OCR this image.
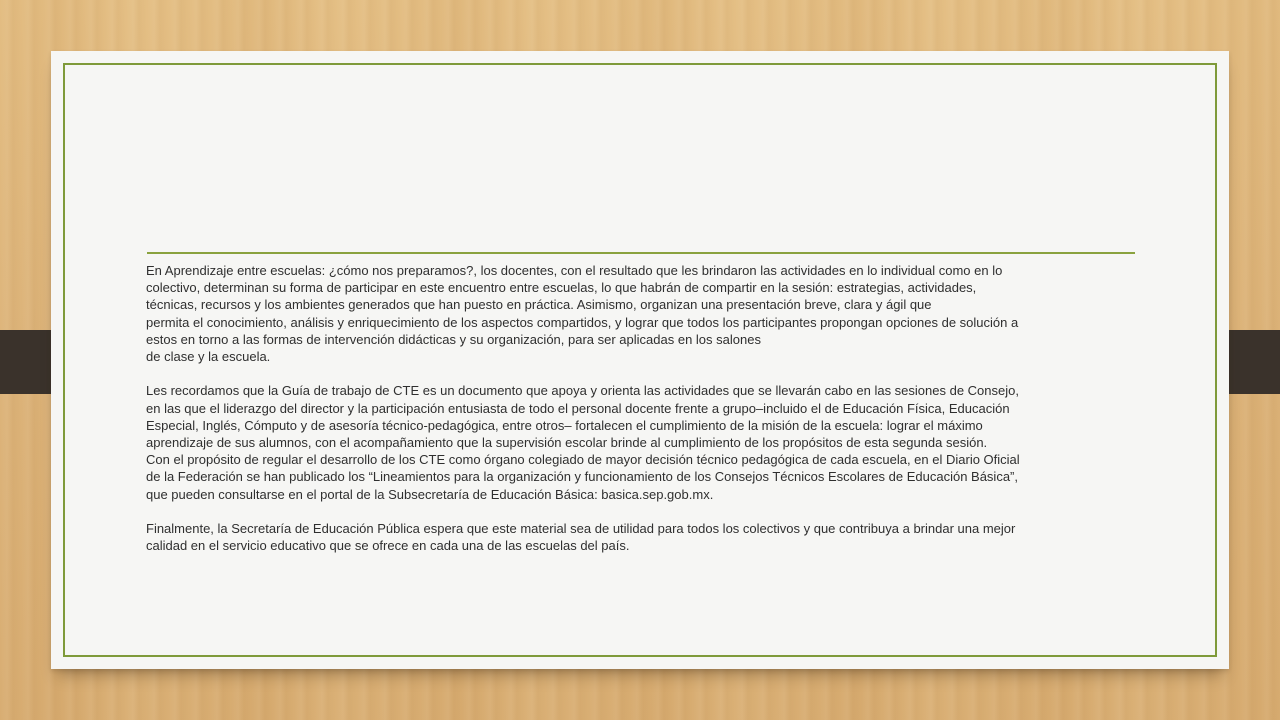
En Aprendizaje entre escuelas: ¿cómo nos preparamos?, los docentes, con el resultado que les brindaron las actividades en lo individual como en lo
colectivo, determinan su forma de participar en este encuentro entre escuelas, lo que habrán de compartir en la sesión: estrategias, actividades,
técnicas, recursos y los ambientes generados que han puesto en práctica. Asimismo, organizan una presentación breve, clara y ágil que
permita el conocimiento, análisis y enriquecimiento de los aspectos compartidos, y lograr que todos los participantes propongan opciones de solución a
estos en torno a las formas de intervención didácticas y su organización, para ser aplicadas en los salones
de clase y la escuela.
Les recordamos que la Guía de trabajo de CTE es un documento que apoya y orienta las actividades que se llevarán cabo en las sesiones de Consejo,
en las que el liderazgo del director y la participación entusiasta de todo el personal docente frente a grupo–incluido el de Educación Física, Educación
Especial, Inglés, Cómputo y de asesoría técnico-pedagógica, entre otros– fortalecen el cumplimiento de la misión de la escuela: lograr el máximo
aprendizaje de sus alumnos, con el acompañamiento que la supervisión escolar brinde al cumplimiento de los propósitos de esta segunda sesión.
Con el propósito de regular el desarrollo de los CTE como órgano colegiado de mayor decisión técnico pedagógica de cada escuela, en el Diario Oficial
de la Federación se han publicado los “Lineamientos para la organización y funcionamiento de los Consejos Técnicos Escolares de Educación Básica”,
que pueden consultarse en el portal de la Subsecretaría de Educación Básica: basica.sep.gob.mx.
Finalmente, la Secretaría de Educación Pública espera que este material sea de utilidad para todos los colectivos y que contribuya a brindar una mejor
calidad en el servicio educativo que se ofrece en cada una de las escuelas del país.
